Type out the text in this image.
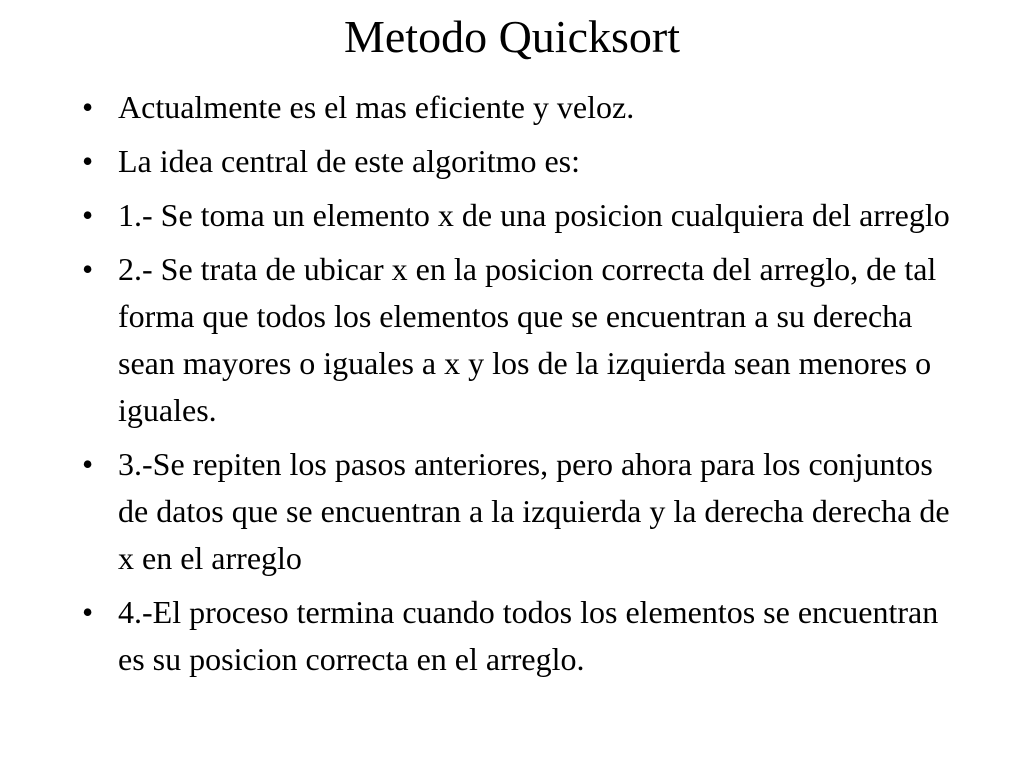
Metodo Quicksort
• Actualmente es el mas eficiente y veloz.
• La idea central de este algoritmo es:
• 1.- Se toma un elemento x de una posicion cualquiera del arreglo
• 2.- Se trata de ubicar x en la posicion correcta del arreglo, de tal forma que todos los elementos que se encuentran a su derecha sean mayores o iguales a x y los de la izquierda sean menores o iguales.
• 3.-Se repiten los pasos anteriores, pero ahora para los conjuntos de datos que se encuentran a la izquierda y la derecha derecha de x en el arreglo
• 4.-El proceso termina cuando todos los elementos se encuentran es su posicion correcta en el arreglo.
